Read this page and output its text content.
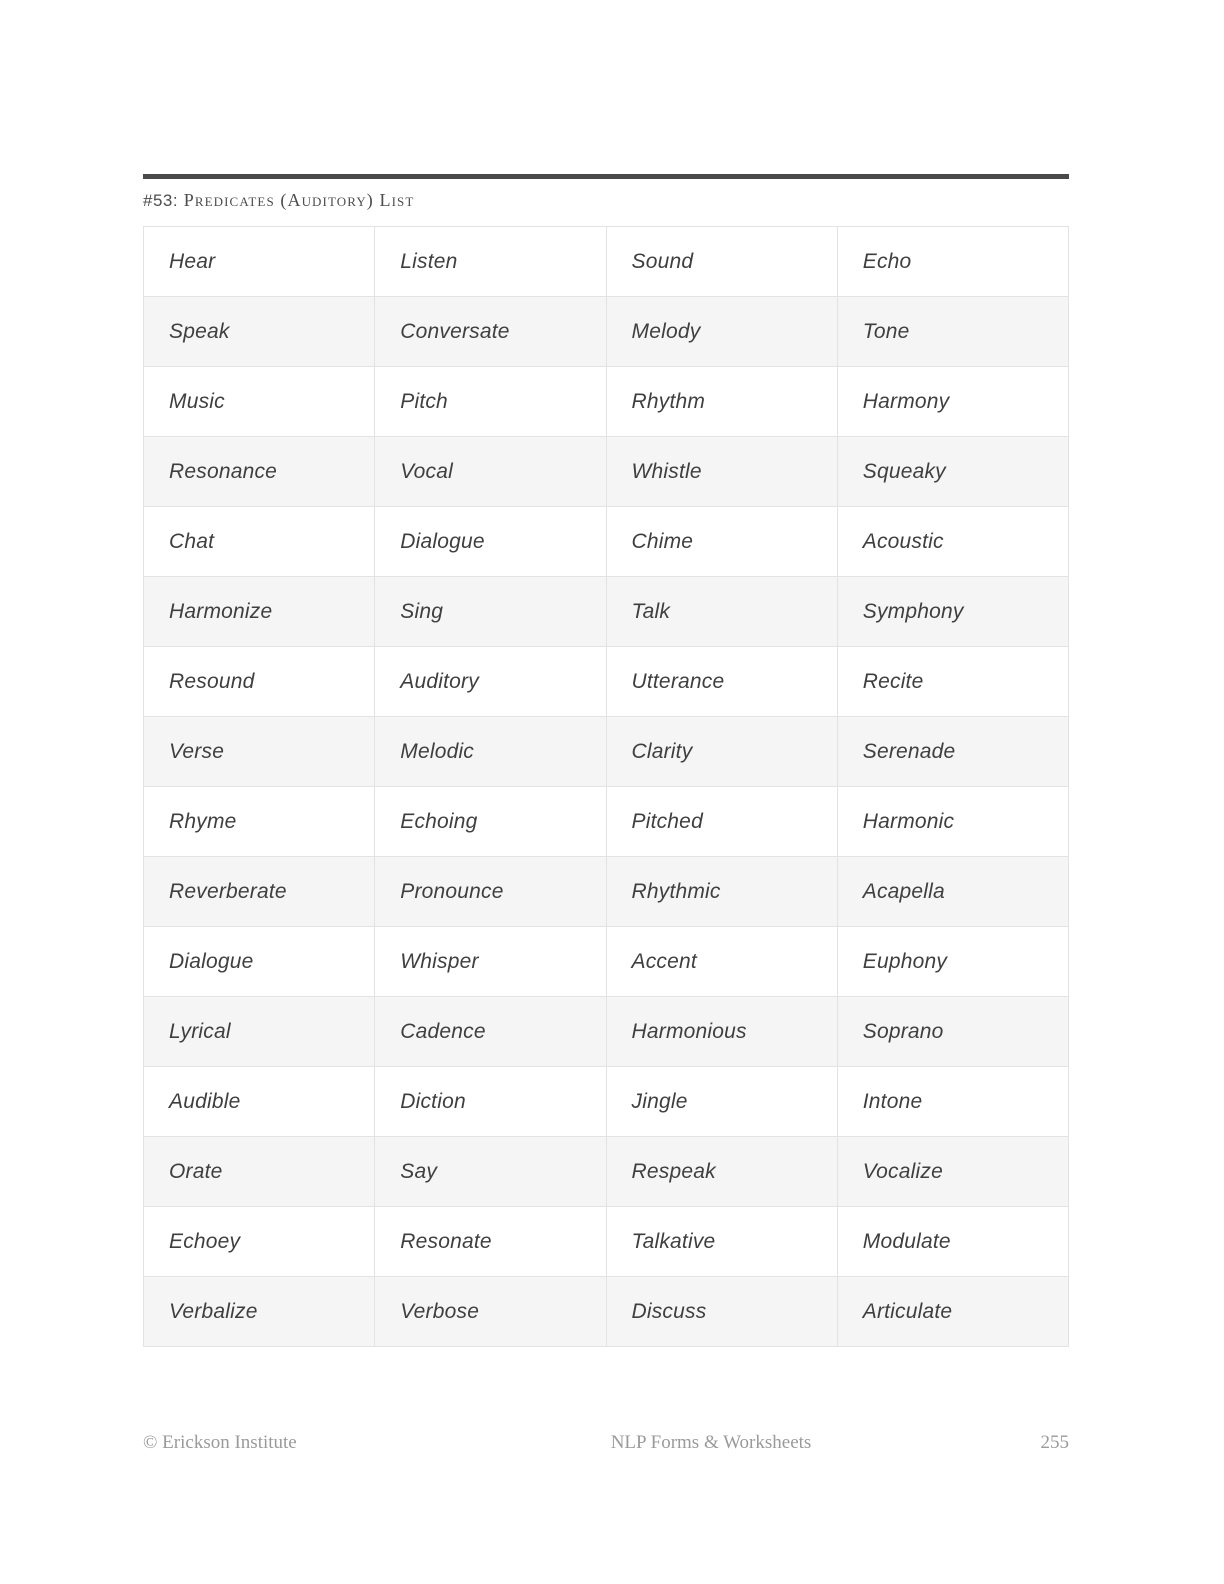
#53: Predicates (Auditory) List
Hear	Listen	Sound	Echo
Speak	Conversate	Melody	Tone
Music	Pitch	Rhythm	Harmony
Resonance	Vocal	Whistle	Squeaky
Chat	Dialogue	Chime	Acoustic
Harmonize	Sing	Talk	Symphony
Resound	Auditory	Utterance	Recite
Verse	Melodic	Clarity	Serenade
Rhyme	Echoing	Pitched	Harmonic
Reverberate	Pronounce	Rhythmic	Acapella
Dialogue	Whisper	Accent	Euphony
Lyrical	Cadence	Harmonious	Soprano
Audible	Diction	Jingle	Intone
Orate	Say	Respeak	Vocalize
Echoey	Resonate	Talkative	Modulate
Verbalize	Verbose	Discuss	Articulate
© Erickson Institute	NLP Forms & Worksheets	255
